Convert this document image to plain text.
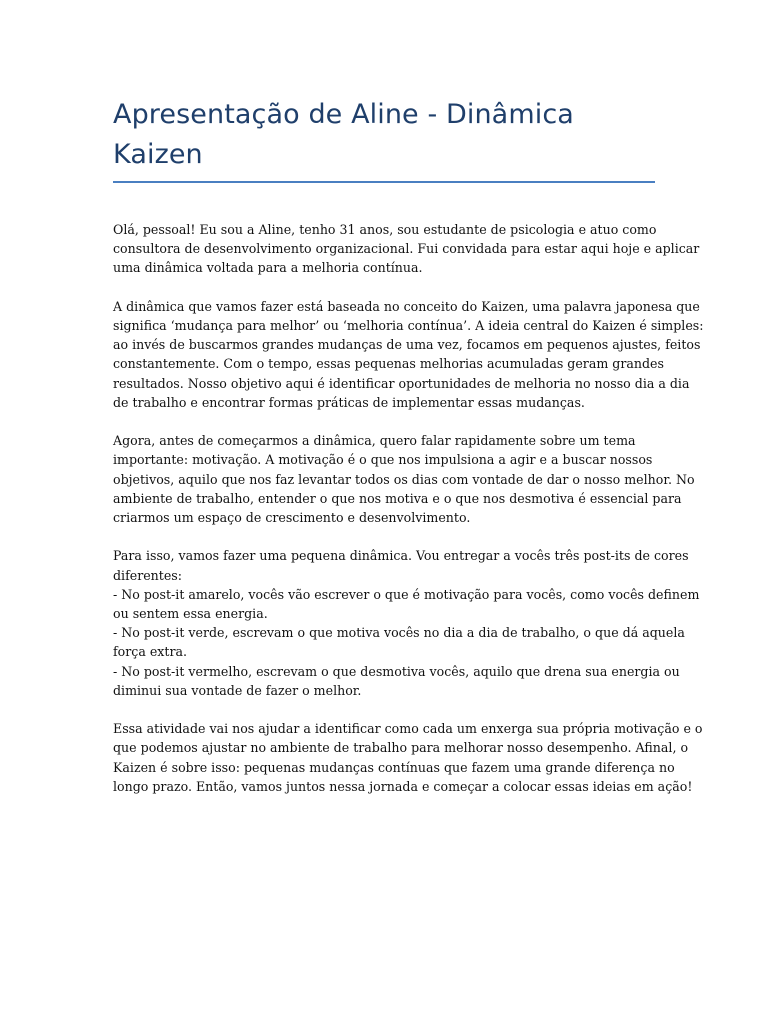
Apresentação de Aline - Dinâmica
Kaizen

Olá, pessoal! Eu sou a Aline, tenho 31 anos, sou estudante de psicologia e atuo como
consultora de desenvolvimento organizacional. Fui convidada para estar aqui hoje e aplicar
uma dinâmica voltada para a melhoria contínua.

A dinâmica que vamos fazer está baseada no conceito do Kaizen, uma palavra japonesa que
significa ‘mudança para melhor’ ou ‘melhoria contínua’. A ideia central do Kaizen é simples:
ao invés de buscarmos grandes mudanças de uma vez, focamos em pequenos ajustes, feitos
constantemente. Com o tempo, essas pequenas melhorias acumuladas geram grandes
resultados. Nosso objetivo aqui é identificar oportunidades de melhoria no nosso dia a dia
de trabalho e encontrar formas práticas de implementar essas mudanças.

Agora, antes de começarmos a dinâmica, quero falar rapidamente sobre um tema
importante: motivação. A motivação é o que nos impulsiona a agir e a buscar nossos
objetivos, aquilo que nos faz levantar todos os dias com vontade de dar o nosso melhor. No
ambiente de trabalho, entender o que nos motiva e o que nos desmotiva é essencial para
criarmos um espaço de crescimento e desenvolvimento.

Para isso, vamos fazer uma pequena dinâmica. Vou entregar a vocês três post-its de cores
diferentes:
- No post-it amarelo, vocês vão escrever o que é motivação para vocês, como vocês definem
ou sentem essa energia.
- No post-it verde, escrevam o que motiva vocês no dia a dia de trabalho, o que dá aquela
força extra.
- No post-it vermelho, escrevam o que desmotiva vocês, aquilo que drena sua energia ou
diminui sua vontade de fazer o melhor.

Essa atividade vai nos ajudar a identificar como cada um enxerga sua própria motivação e o
que podemos ajustar no ambiente de trabalho para melhorar nosso desempenho. Afinal, o
Kaizen é sobre isso: pequenas mudanças contínuas que fazem uma grande diferença no
longo prazo. Então, vamos juntos nessa jornada e começar a colocar essas ideias em ação!
